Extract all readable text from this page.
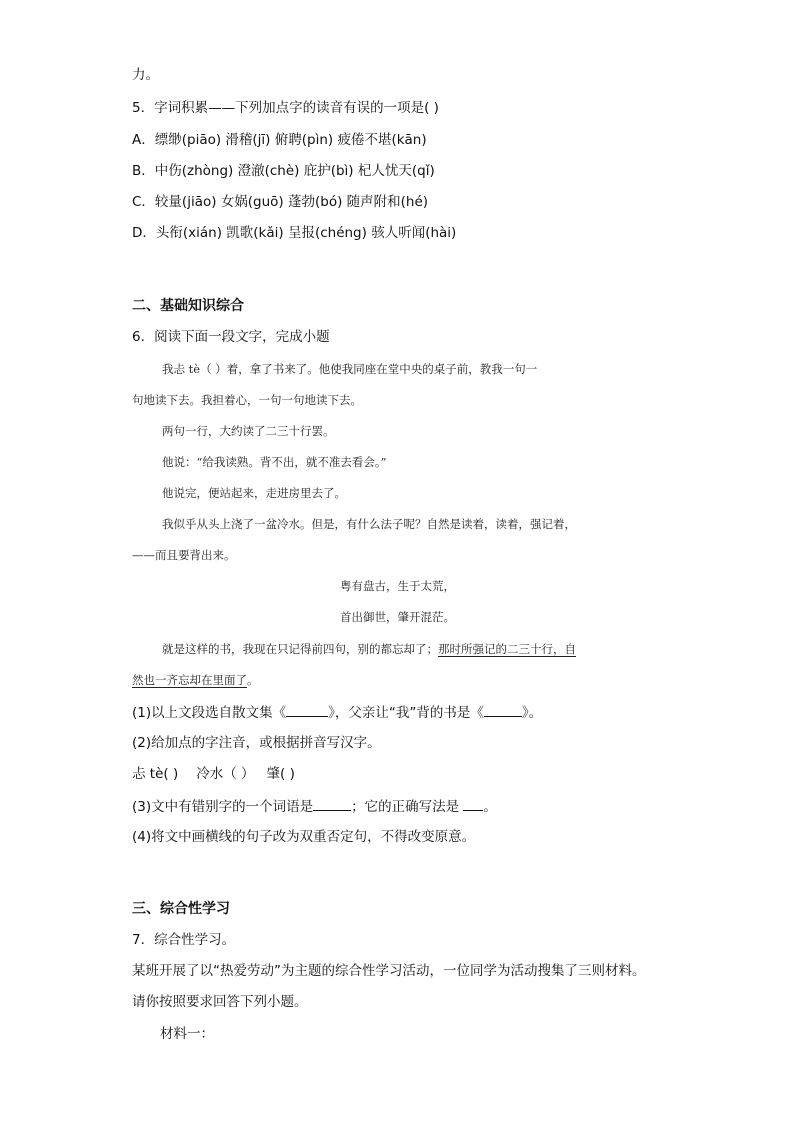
力。
5．字词积累——下列加点字的读音有误的一项是( )
A．缥缈(piāo) 滑稽(jī) 俯聘(pìn) 疲倦不堪(kān)
B．中伤(zhòng) 澄澈(chè) 庇护(bì) 杞人忧天(qǐ)
C．较量(jiāo) 女娲(guō) 蓬勃(bó) 随声附和(hé)
D．头衔(xián) 凯歌(kǎi) 呈报(chéng) 骇人听闻(hài)
二、基础知识综合
6．阅读下面一段文字，完成小题
我忐 tè（ ）着，拿了书来了。他使我同座在堂中央的桌子前，教我一句一
句地读下去。我担着心，一句一句地读下去。
两句一行，大约读了二三十行罢。
他说：“给我读熟。背不出，就不准去看会。”
他说完，便站起来，走进房里去了。
我似乎从头上浇了一盆冷水。但是，有什么法子呢？自然是读着，读着，强记着，
——而且要背出来。
粤有盘古，生于太荒，
首出御世，肇开混茫。
就是这样的书，我现在只记得前四句，别的都忘却了；那时所强记的二三十行，自
然也一齐忘却在里面了。
(1)以上文段选自散文集《	》，父亲让“我”背的书是《	》。
(2)给加点的字注音，或根据拼音写汉字。
忐 tè( ) 冷水（ ） 肇( )
(3)文中有错别字的一个词语是	；它的正确写法是 。
(4)将文中画横线的句子改为双重否定句，不得改变原意。
三、综合性学习
7．综合性学习。
某班开展了以“热爱劳动”为主题的综合性学习活动，一位同学为活动搜集了三则材料。
请你按照要求回答下列小题。
材料一：
